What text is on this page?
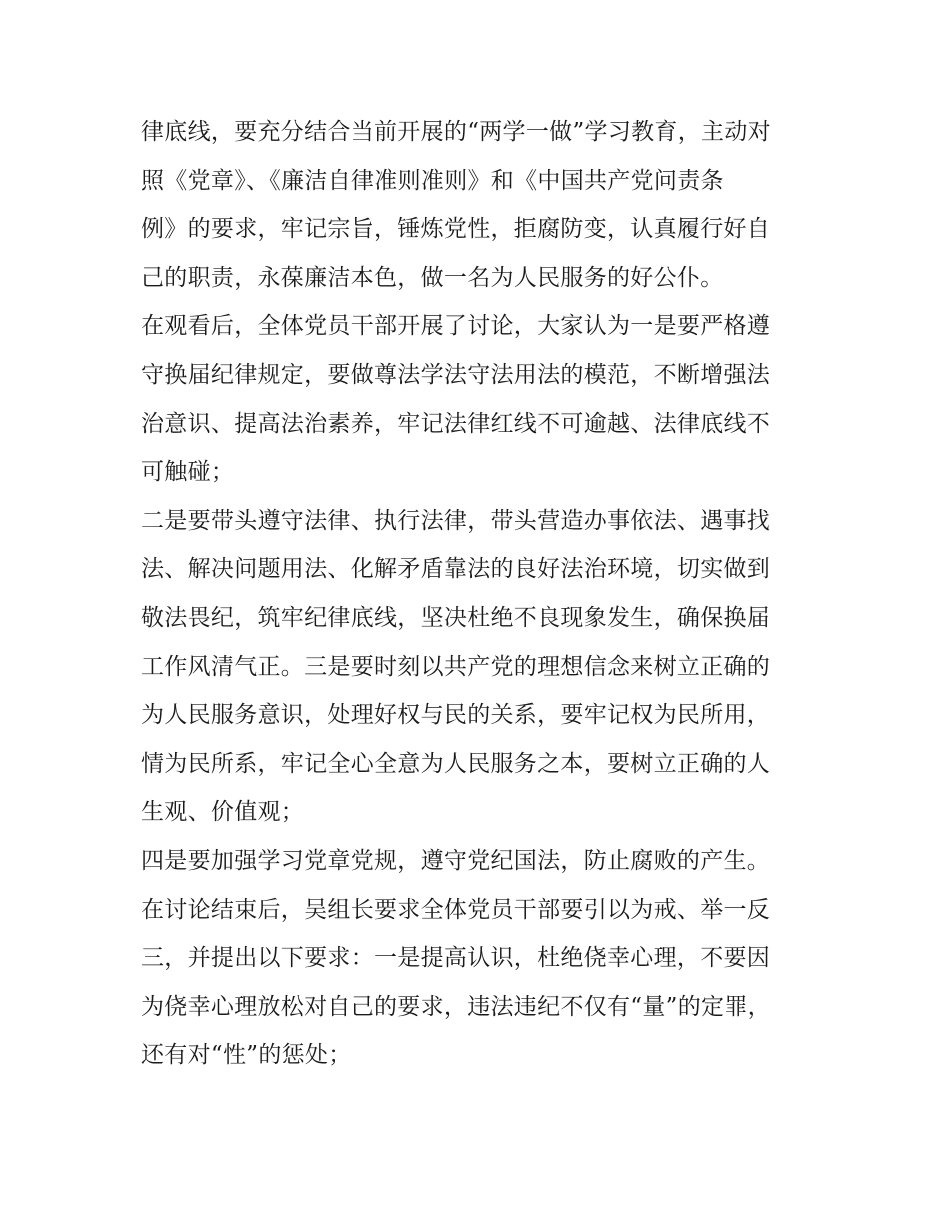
律底线，要充分结合当前开展的“两学一做”学习教育，主动对
照《党章》、《廉洁自律准则准则》和《中国共产党问责条
例》的要求，牢记宗旨，锤炼党性，拒腐防变，认真履行好自
己的职责，永葆廉洁本色，做一名为人民服务的好公仆。
在观看后，全体党员干部开展了讨论，大家认为一是要严格遵
守换届纪律规定，要做尊法学法守法用法的模范，不断增强法
治意识、提高法治素养，牢记法律红线不可逾越、法律底线不
可触碰；
二是要带头遵守法律、执行法律，带头营造办事依法、遇事找
法、解决问题用法、化解矛盾靠法的良好法治环境，切实做到
敬法畏纪，筑牢纪律底线，坚决杜绝不良现象发生，确保换届
工作风清气正。三是要时刻以共产党的理想信念来树立正确的
为人民服务意识，处理好权与民的关系，要牢记权为民所用，
情为民所系，牢记全心全意为人民服务之本，要树立正确的人
生观、价值观；
四是要加强学习党章党规，遵守党纪国法，防止腐败的产生。
在讨论结束后，吴组长要求全体党员干部要引以为戒、举一反
三，并提出以下要求：一是提高认识，杜绝侥幸心理，不要因
为侥幸心理放松对自己的要求，违法违纪不仅有“量”的定罪，
还有对“性”的惩处；
